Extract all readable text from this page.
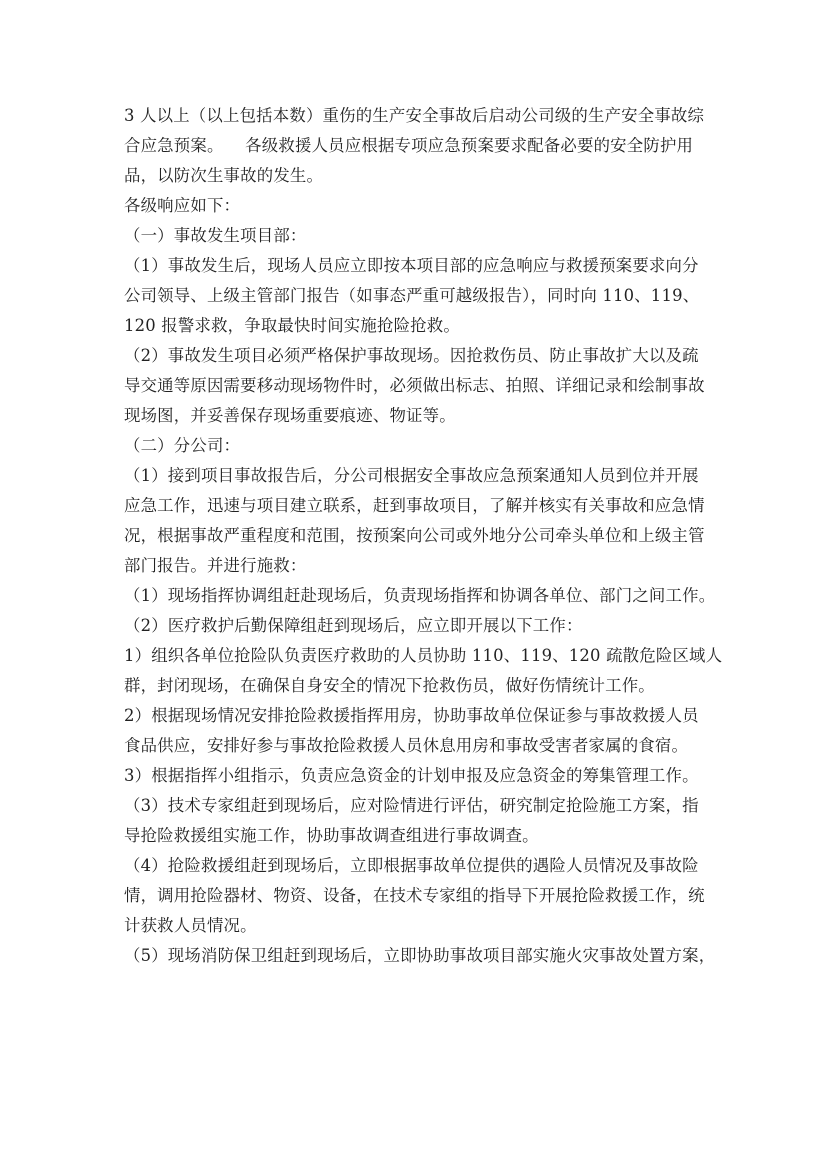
3 人以上（以上包括本数）重伤的生产安全事故后启动公司级的生产安全事故综

合应急预案。    各级救援人员应根据专项应急预案要求配备必要的安全防护用

品，以防次生事故的发生。

各级响应如下：

（一）事故发生项目部：

（1）事故发生后，现场人员应立即按本项目部的应急响应与救援预案要求向分

公司领导、上级主管部门报告（如事态严重可越级报告），同时向 110、119、

120 报警求救，争取最快时间实施抢险抢救。

（2）事故发生项目必须严格保护事故现场。因抢救伤员、防止事故扩大以及疏

导交通等原因需要移动现场物件时，必须做出标志、拍照、详细记录和绘制事故

现场图，并妥善保存现场重要痕迹、物证等。

（二）分公司：

（1）接到项目事故报告后，分公司根据安全事故应急预案通知人员到位并开展

应急工作，迅速与项目建立联系，赶到事故项目，了解并核实有关事故和应急情

况，根据事故严重程度和范围，按预案向公司或外地分公司牵头单位和上级主管

部门报告。并进行施救：

（1）现场指挥协调组赶赴现场后，负责现场指挥和协调各单位、部门之间工作。

（2）医疗救护后勤保障组赶到现场后，应立即开展以下工作：

1）组织各单位抢险队负责医疗救助的人员协助 110、119、120 疏散危险区域人

群，封闭现场，在确保自身安全的情况下抢救伤员，做好伤情统计工作。

2）根据现场情况安排抢险救援指挥用房，协助事故单位保证参与事故救援人员

食品供应，安排好参与事故抢险救援人员休息用房和事故受害者家属的食宿。

3）根据指挥小组指示，负责应急资金的计划申报及应急资金的筹集管理工作。

（3）技术专家组赶到现场后，应对险情进行评估，研究制定抢险施工方案，指

导抢险救援组实施工作，协助事故调查组进行事故调查。

（4）抢险救援组赶到现场后，立即根据事故单位提供的遇险人员情况及事故险

情，调用抢险器材、物资、设备，在技术专家组的指导下开展抢险救援工作，统

计获救人员情况。

（5）现场消防保卫组赶到现场后，立即协助事故项目部实施火灾事故处置方案，
